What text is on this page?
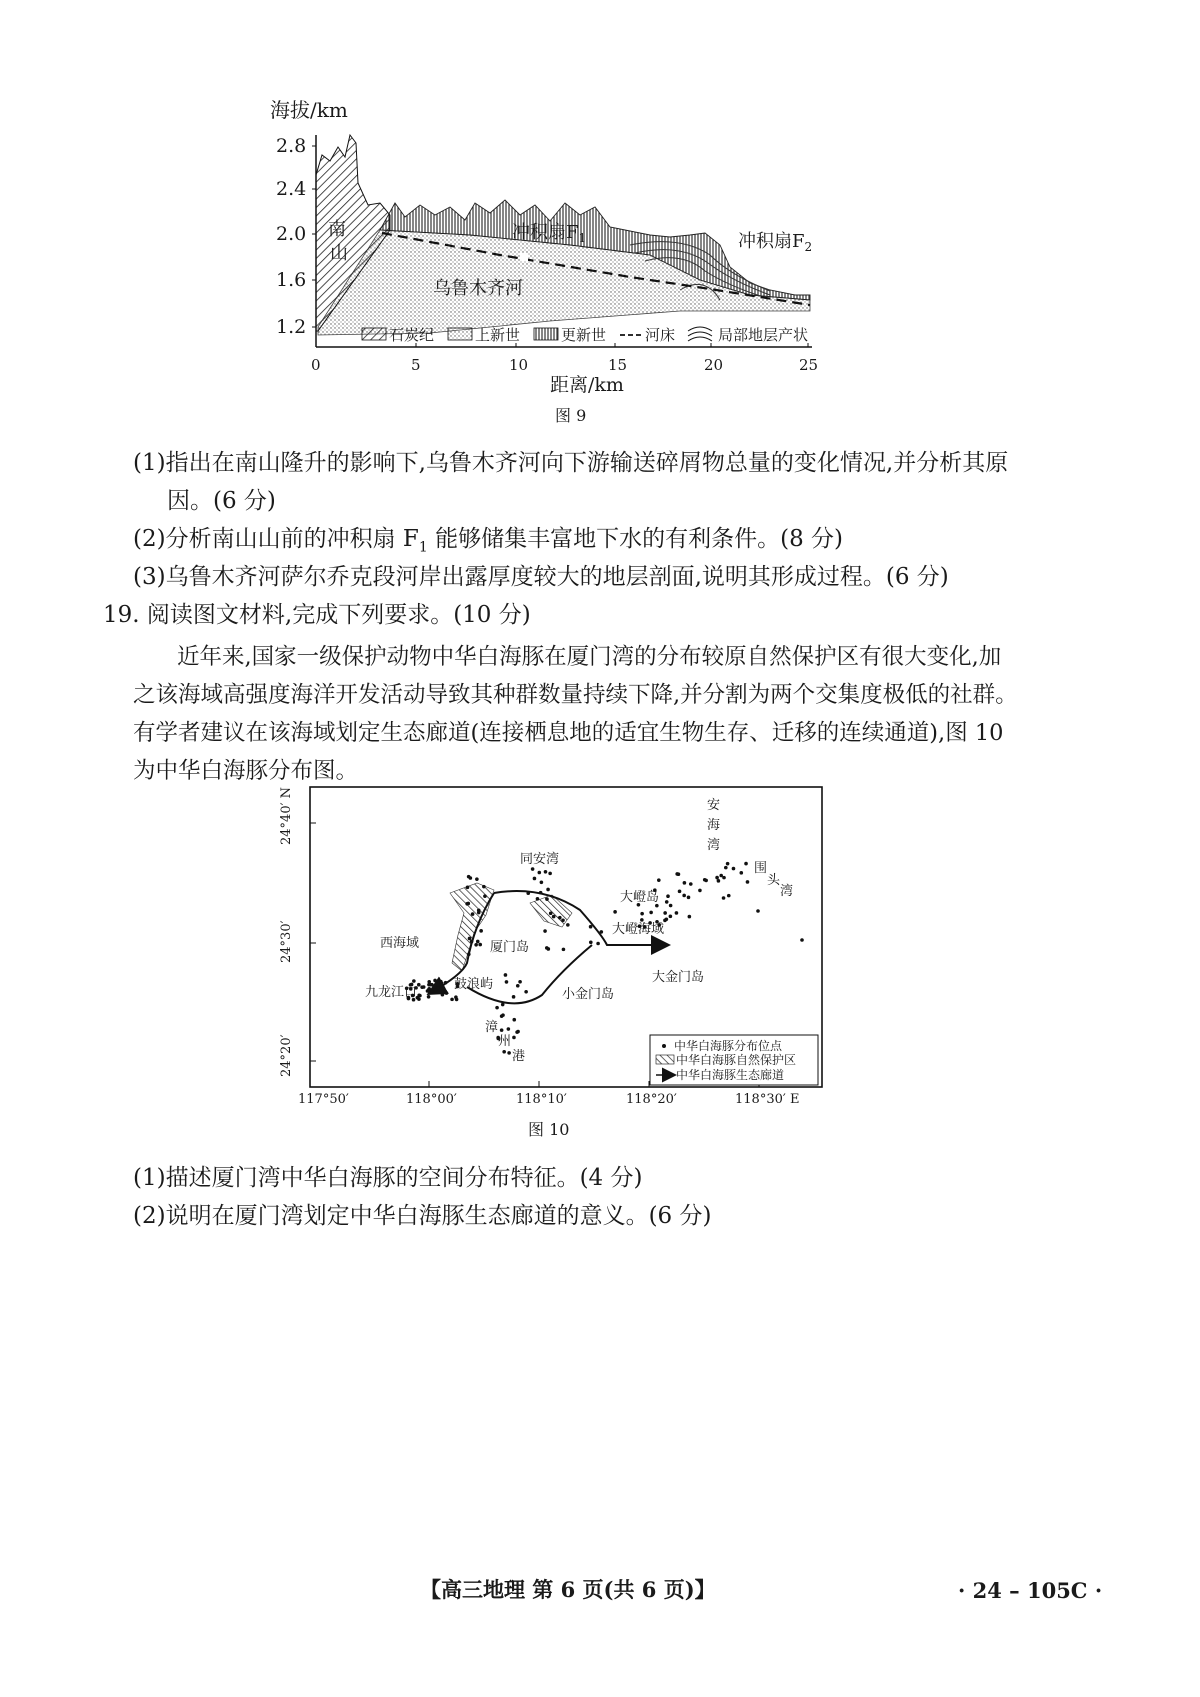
海拔/km
2.8
2.4
2.0
1.6
1.2
0	5	10	15	20	25
距离/km
南
山
乌鲁木齐河
冲积扇$F_1$	冲积扇$F_2$
石炭纪	上新世	更新世	河床	局部地层产状
图 9
(1)指出在南山隆升的影响下,乌鲁木齐河向下游输送碎屑物总量的变化情况,并分析其原
因。(6 分)
(2)分析南山山前的冲积扇 $F_1$ 能够储集丰富地下水的有利条件。(8 分)
(3)乌鲁木齐河萨尔乔克段河岸出露厚度较大的地层剖面,说明其形成过程。(6 分)
19. 阅读图文材料,完成下列要求。(10 分)
近年来,国家一级保护动物中华白海豚在厦门湾的分布较原自然保护区有很大变化,加
之该海域高强度海洋开发活动导致其种群数量持续下降,并分割为两个交集度极低的社群。
有学者建议在该海域划定生态廊道(连接栖息地的适宜生物生存、迁移的连续通道),图 10
为中华白海豚分布图。
24°40′ N
24°30′
24°20′
117°50′	118°00′	118°10′	118°20′	118°30′ E
同安湾
安
海
湾
围
头
湾
大嶝岛
大嶝海域
西海域	厦门岛
鼓浪屿
九龙江口	小金门岛
大金门岛
漳
州
港
中华白海豚分布位点
中华白海豚自然保护区
中华白海豚生态廊道
图 10
(1)描述厦门湾中华白海豚的空间分布特征。(4 分)
(2)说明在厦门湾划定中华白海豚生态廊道的意义。(6 分)
【高三地理 第 6 页(共 6 页)】	· 24 – 105C ·
